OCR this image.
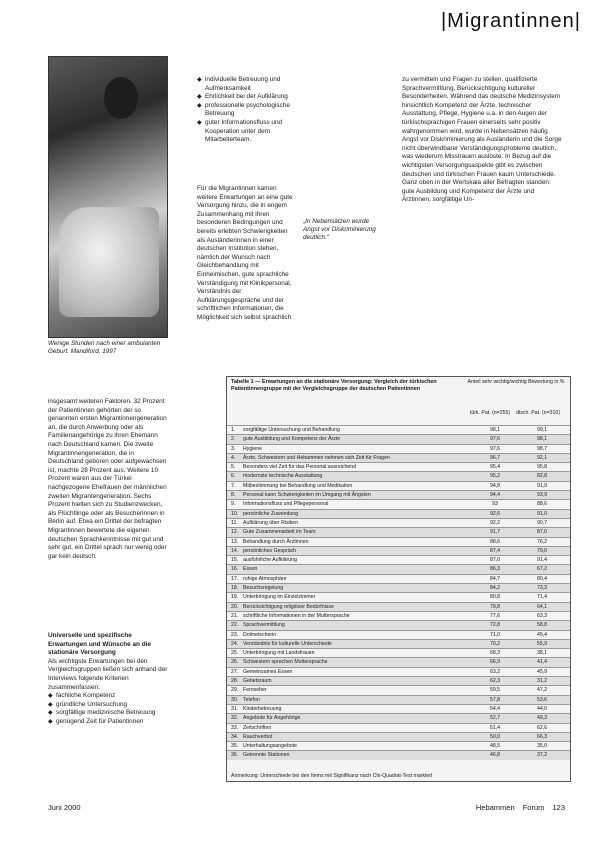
|Migrantinnen|
Wenige Stunden nach einer ambulanten Geburt. Mandiford, 1997
◆ individuelle Betreuung und Aufmerksamkeit
◆ Ehrlichkeit bei der Aufklärung
◆ professionelle psychologische Betreuung
◆ guter Informationsfluss und Kooperation unter dem Mitarbeiterteam.

Für die Migrantinnen kamen weitere Erwartungen an eine gute Versorgung hinzu, die in engem Zusammenhang mit ihren besonderen Bedingungen und bereits erlebten Schwierigkeiten als Ausländerinnen in einer deutschen Institution stehen, nämlich der Wunsch nach Gleichbehandlung mit Einheimischen, gute sprachliche Verständigung mit Klinikpersonal, Verständnis der Aufklärungsgespräche und der schriftlichen Informationen, die Möglichkeit sich selbst sprachlich

„In Nebensätzen wurde Angst vor Diskriminierung deutlich.“

zu vermitteln und Fragen zu stellen, qualifizierte Sprachvermittlung, Berücksichtigung kultureller Besonderheiten. Während das deutsche Medizinsystem hinsichtlich Kompetenz der Ärzte, technischer Ausstattung, Pflege, Hygiene u.a. in den Augen der türkischsprachigen Frauen einerseits sehr positiv wahrgenommen wird, wurde in Nebensätzen häufig Angst vor Diskriminierung als Ausländerin und die Sorge nicht überwindbarer Verständigungsprobleme deutlich, was wiederum Misstrauen auslöste. In Bezug auf die wichtigsten Versorgungsaspekte gibt es zwischen deutschen und türkischen Frauen kaum Unterschiede. Ganz oben in der Wertskala aller Befragten standen: gute Ausbildung und Kompetenz der Ärzte und Ärztinnen, sorgfältige Un-

insgesamt weiteren Faktoren. 32 Prozent der Patientinnen gehörten der so genannten ersten Migrantinnengeneration an, die durch Anwerbung oder als Familienangehörige zu ihren Ehemann nach Deutschland kamen. Die zweite Migrantinnengeneration, die in Deutschland geboren oder aufgewachsen ist, machte 28 Prozent aus. Weitere 10 Prozent waren aus der Türkei nachgezogene Ehefrauen der männlichen zweiten Migrantengeneration. Sechs Prozent hielten sich zu Studienzwecken, als Flüchtlinge oder als Besucherinnen in Berlin auf. Etwa ein Drittel der befragten Migrantinnen bewertete die eigenen deutschen Sprachkenntnisse mit gut und sehr gut, ein Drittel sprach nur wenig oder gar kein deutsch.

Universelle und spezifische Erwartungen und Wünsche an die stationäre Versorgung

Als wichtigste Erwartungen bei den Vergleichsgruppen ließen sich anhand der Interviews folgende Kriterien zusammenfassen:

◆ fachliche Kompetenz
◆ gründliche Untersuchung
◆ sorgfältige medizinische Betreuung
◆ genügend Zeit für Patientinnen
Tabelle 1 — Erwartungen an die stationäre Versorgung: Vergleich der türkischen Patientinnengruppe mit der Vergleichsgruppe der deutschen Patientinnen
Anteil sehr wichtig/wichtig Bewertung in %
türk. Pat. (n=255) dtsch. Pat. (n=310)
1.	sorgfältige Untersuchung und Behandlung	98,1	99,1
2.	gute Ausbildung und Kompetenz der Ärzte	97,6	98,1
3.	Hygiene	97,6	98,7
4.	Ärzte, Schwestern und Hebammen nehmen sich Zeit für Fragen	96,7	92,1
5.	Besonders viel Zeit für das Personal ausreichend	95,4	95,8
6.	modernste technische Ausstattung	95,2	82,8
7.	Mitbestimmung bei Behandlung und Medikation	94,8	91,9
8.	Personal kann Schwierigkeiten im Umgang mit Ängsten	94,4	93,9
9.	Informationsfluss und Pflegepersonal	93	88,6
10. persönliche Zuwendung	92,6	91,0
11. Aufklärung über Risiken	92,2	90,7
12. Gute Zusammenarbeit im Team	91,7	87,0
13. Behandlung durch Ärztinnen	88,6	76,2
14. persönliches Gespräch	87,4	79,0
15. ausführliche Aufklärung	87,0	91,4
16. Essen	86,3	67,2
17. ruhige Atmosphäre	84,7	80,4
18. Besuchsregelung	84,2	73,3
19. Unterbringung im Einzelzimmer	80,8	71,4
20. Berücksichtigung religiöser Bedürfnisse	79,8	64,1
21. schriftliche Informationen in der Muttersprache	77,6	63,3
22. Sprachvermittlung	72,8	58,8
23. Dolmetscherin	71,0	45,4
24. Verständnis für kulturelle Unterschiede	70,2	55,9
25. Unterbringung mit Landsfrauen	68,3	38,1
26. Schwestern sprechen Muttersprache	66,9	41,4
27. Gemeinsames Essen	63,2	45,9
28. Gebetsraum	62,3	31,2
29. Fernseher	59,5	47,2
30. Telefon	57,8	53,6
31. Kinderbetreuung	54,4	44,0
32. Angebote für Angehörige	52,7	49,3
33. Zeitschriften	51,4	62,6
34. Rauchverbot	50,0	66,3
35. Unterhaltungsangebote	48,5	35,0
36. Getrennte Stationen	46,8	37,2
Anmerkung: Unterschiede bei den Items mit Signifikanz nach Chi-Quadrat-Test markiert
Juni 2000	Hebammen Forum 123
